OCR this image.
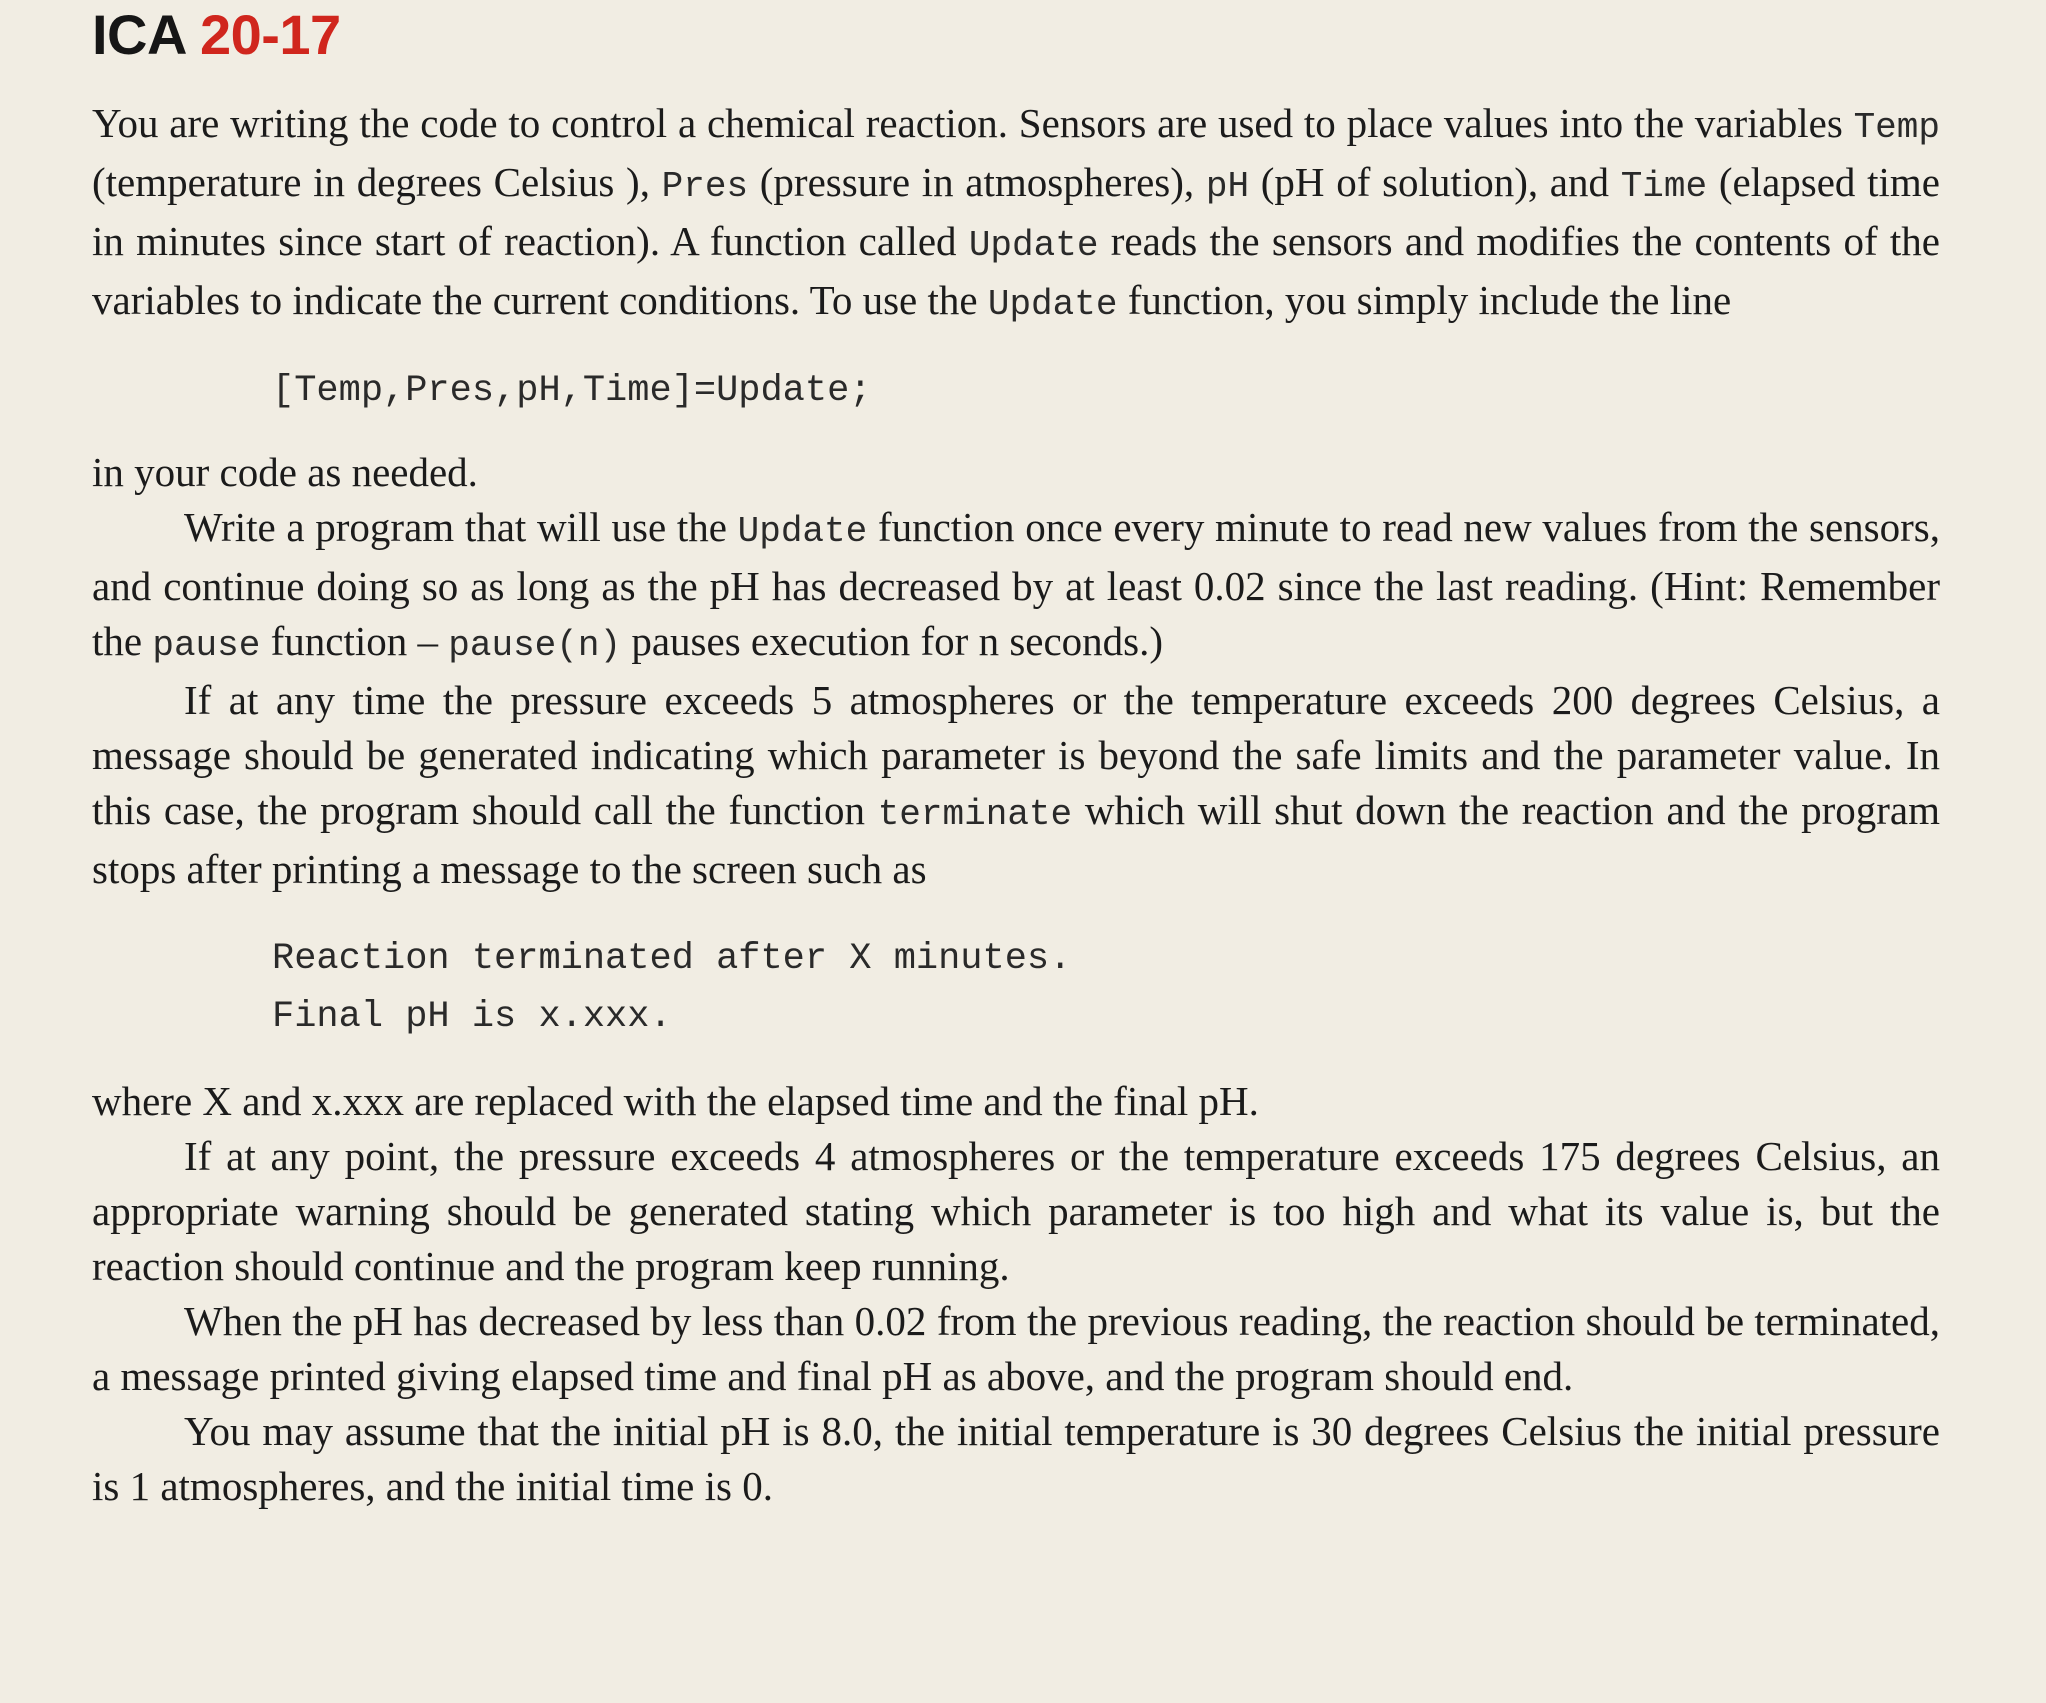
ICA 20-17

You are writing the code to control a chemical reaction. Sensors are used to place values into the variables Temp (temperature in degrees Celsius ), Pres (pressure in atmospheres), pH (pH of solution), and Time (elapsed time in minutes since start of reaction). A function called Update reads the sensors and modifies the contents of the variables to indicate the current conditions. To use the Update function, you simply include the line

[Temp,Pres,pH,Time]=Update;

in your code as needed.

Write a program that will use the Update function once every minute to read new values from the sensors, and continue doing so as long as the pH has decreased by at least 0.02 since the last reading. (Hint: Remember the pause function – pause(n) pauses execution for n seconds.)

If at any time the pressure exceeds 5 atmospheres or the temperature exceeds 200 degrees Celsius, a message should be generated indicating which parameter is beyond the safe limits and the parameter value. In this case, the program should call the function terminate which will shut down the reaction and the program stops after printing a message to the screen such as

Reaction terminated after X minutes.
Final pH is x.xxx.

where X and x.xxx are replaced with the elapsed time and the final pH.

If at any point, the pressure exceeds 4 atmospheres or the temperature exceeds 175 degrees Celsius, an appropriate warning should be generated stating which parameter is too high and what its value is, but the reaction should continue and the program keep running.

When the pH has decreased by less than 0.02 from the previous reading, the reaction should be terminated, a message printed giving elapsed time and final pH as above, and the program should end.

You may assume that the initial pH is 8.0, the initial temperature is 30 degrees Celsius the initial pressure is 1 atmospheres, and the initial time is 0.
